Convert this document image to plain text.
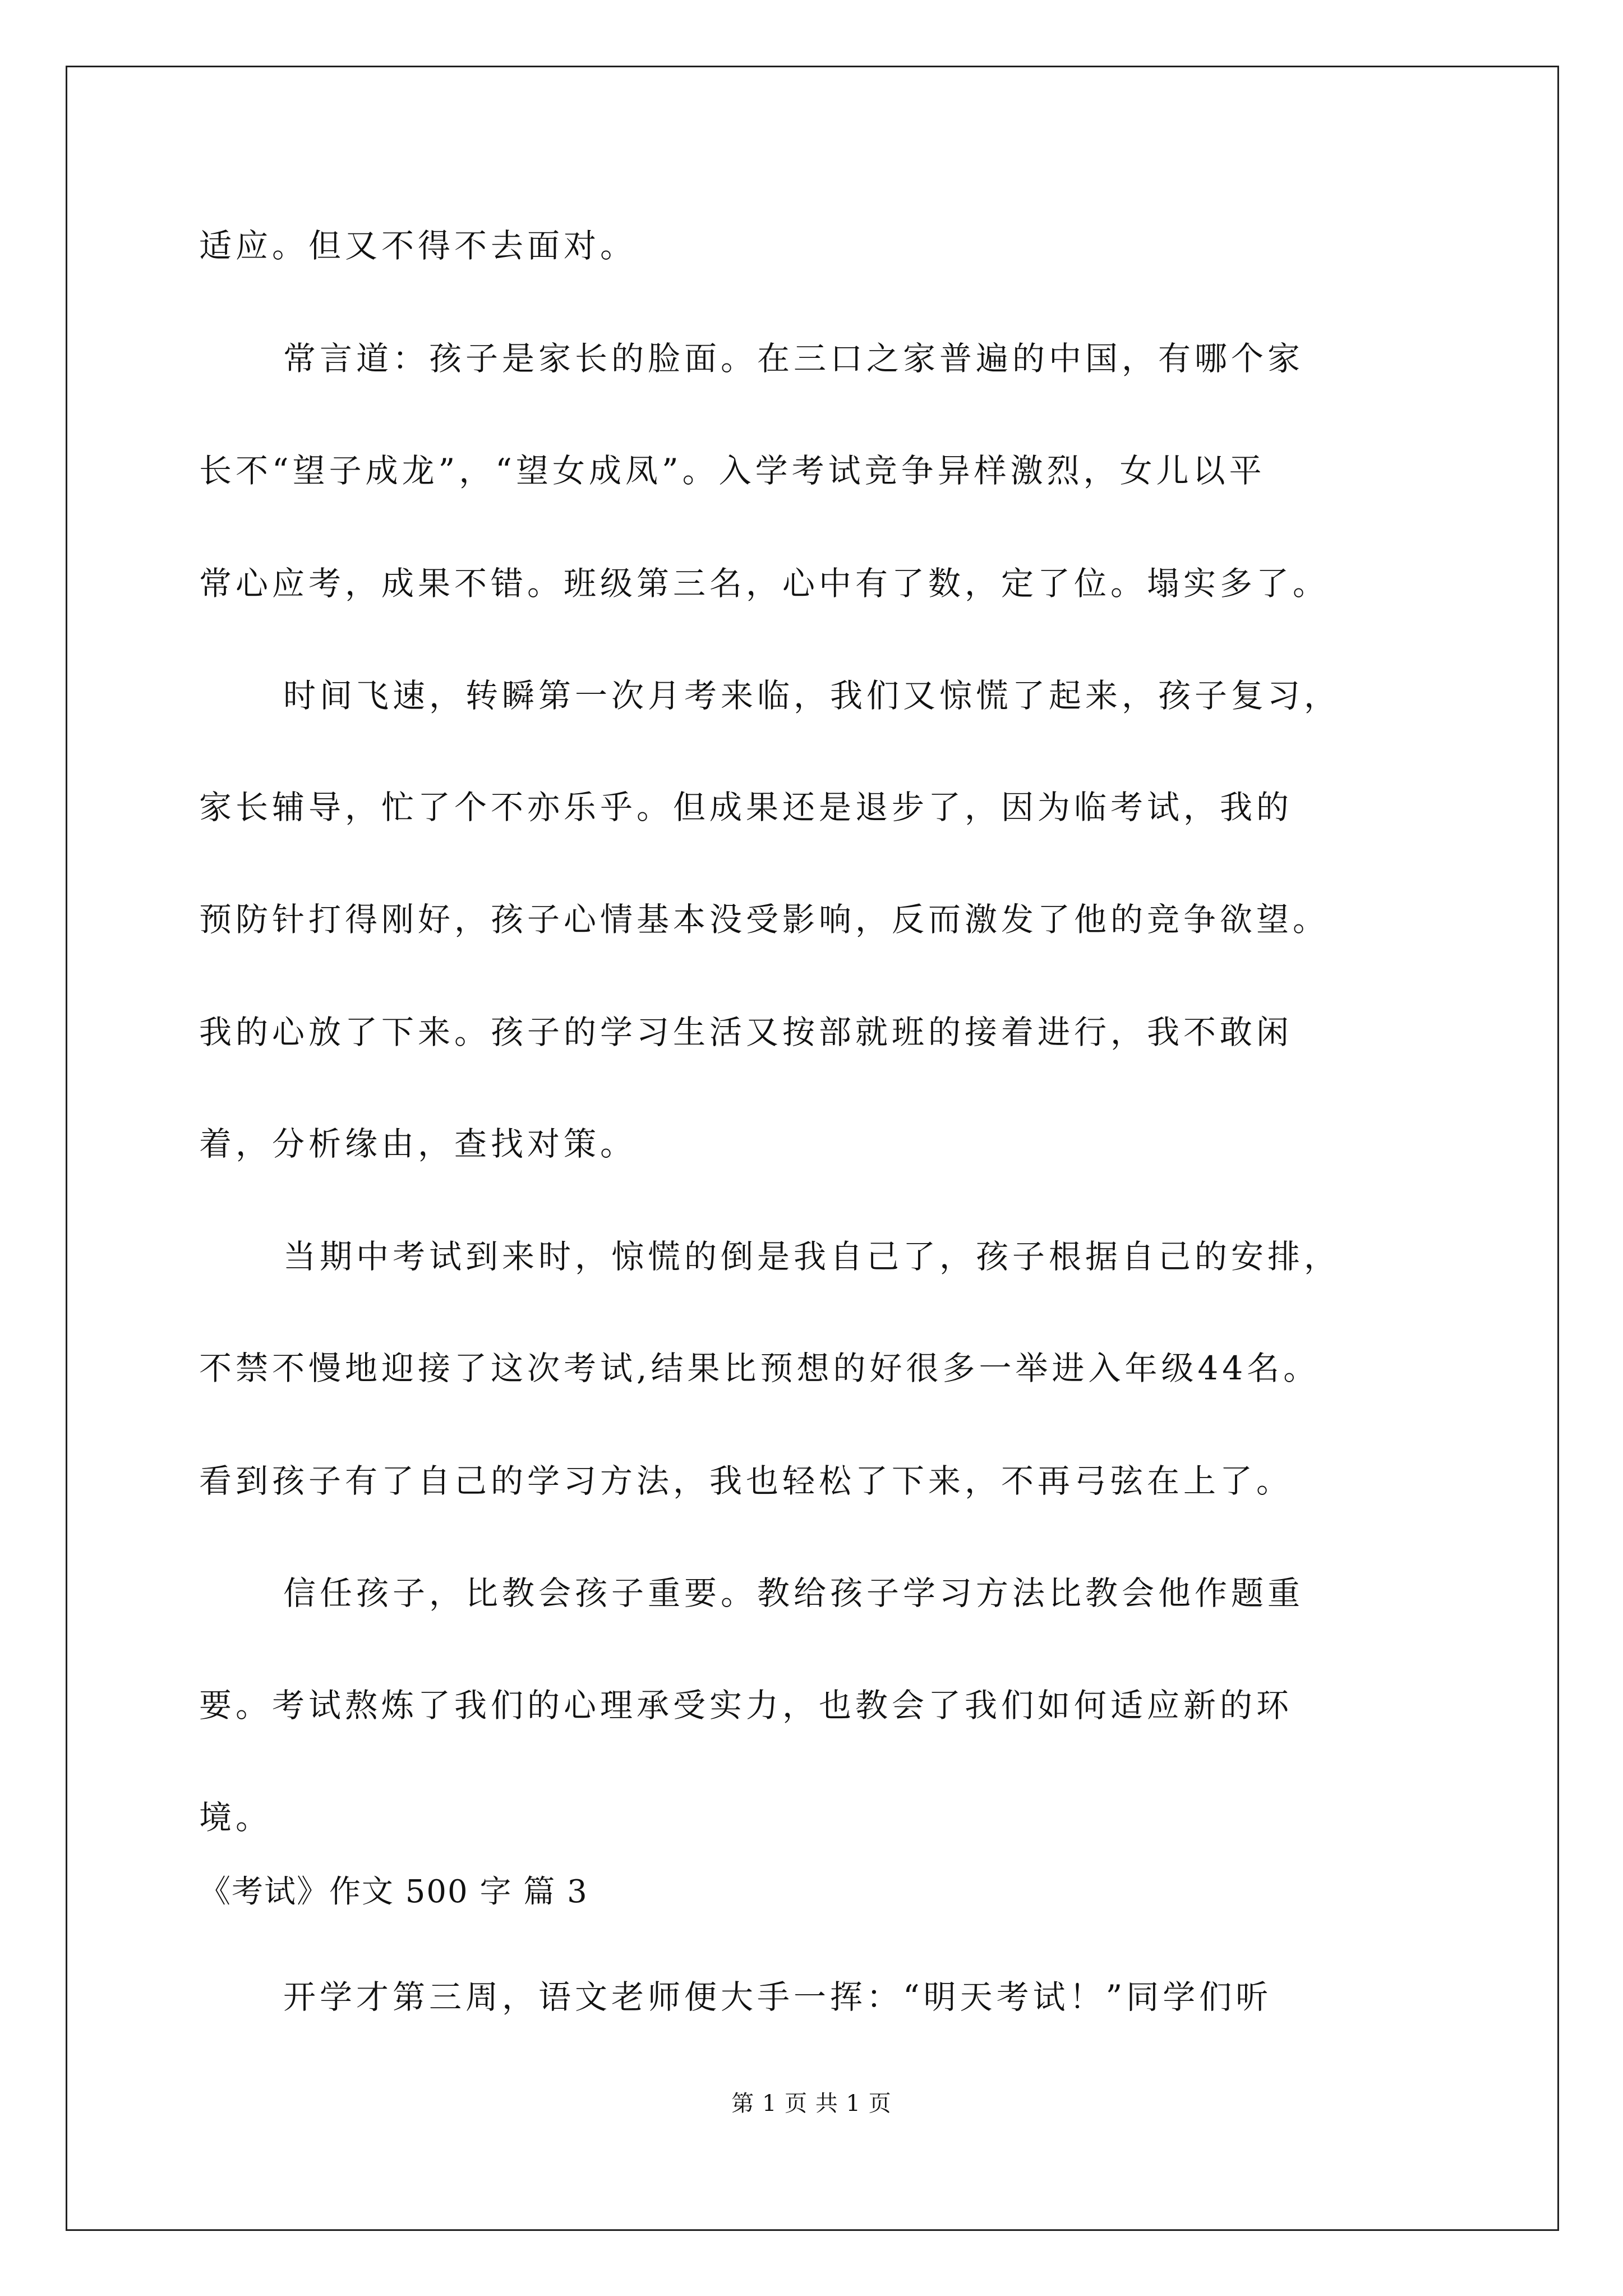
适应。但又不得不去面对。
常言道：孩子是家长的脸面。在三口之家普遍的中国，有哪个家
长不“望子成龙”，“望女成凤”。入学考试竞争异样激烈，女儿以平
常心应考，成果不错。班级第三名，心中有了数，定了位。塌实多了。
时间飞速，转瞬第一次月考来临，我们又惊慌了起来，孩子复习，
家长辅导，忙了个不亦乐乎。但成果还是退步了，因为临考试，我的
预防针打得刚好，孩子心情基本没受影响，反而激发了他的竞争欲望。
我的心放了下来。孩子的学习生活又按部就班的接着进行，我不敢闲
着，分析缘由，查找对策。
当期中考试到来时，惊慌的倒是我自己了，孩子根据自己的安排，
不禁不慢地迎接了这次考试,结果比预想的好很多一举进入年级44名。
看到孩子有了自己的学习方法，我也轻松了下来，不再弓弦在上了。
信任孩子，比教会孩子重要。教给孩子学习方法比教会他作题重
要。考试熬炼了我们的心理承受实力，也教会了我们如何适应新的环
境。
《考试》作文 500 字 篇 3
开学才第三周，语文老师便大手一挥：“明天考试！”同学们听
第 1 页 共 1 页
